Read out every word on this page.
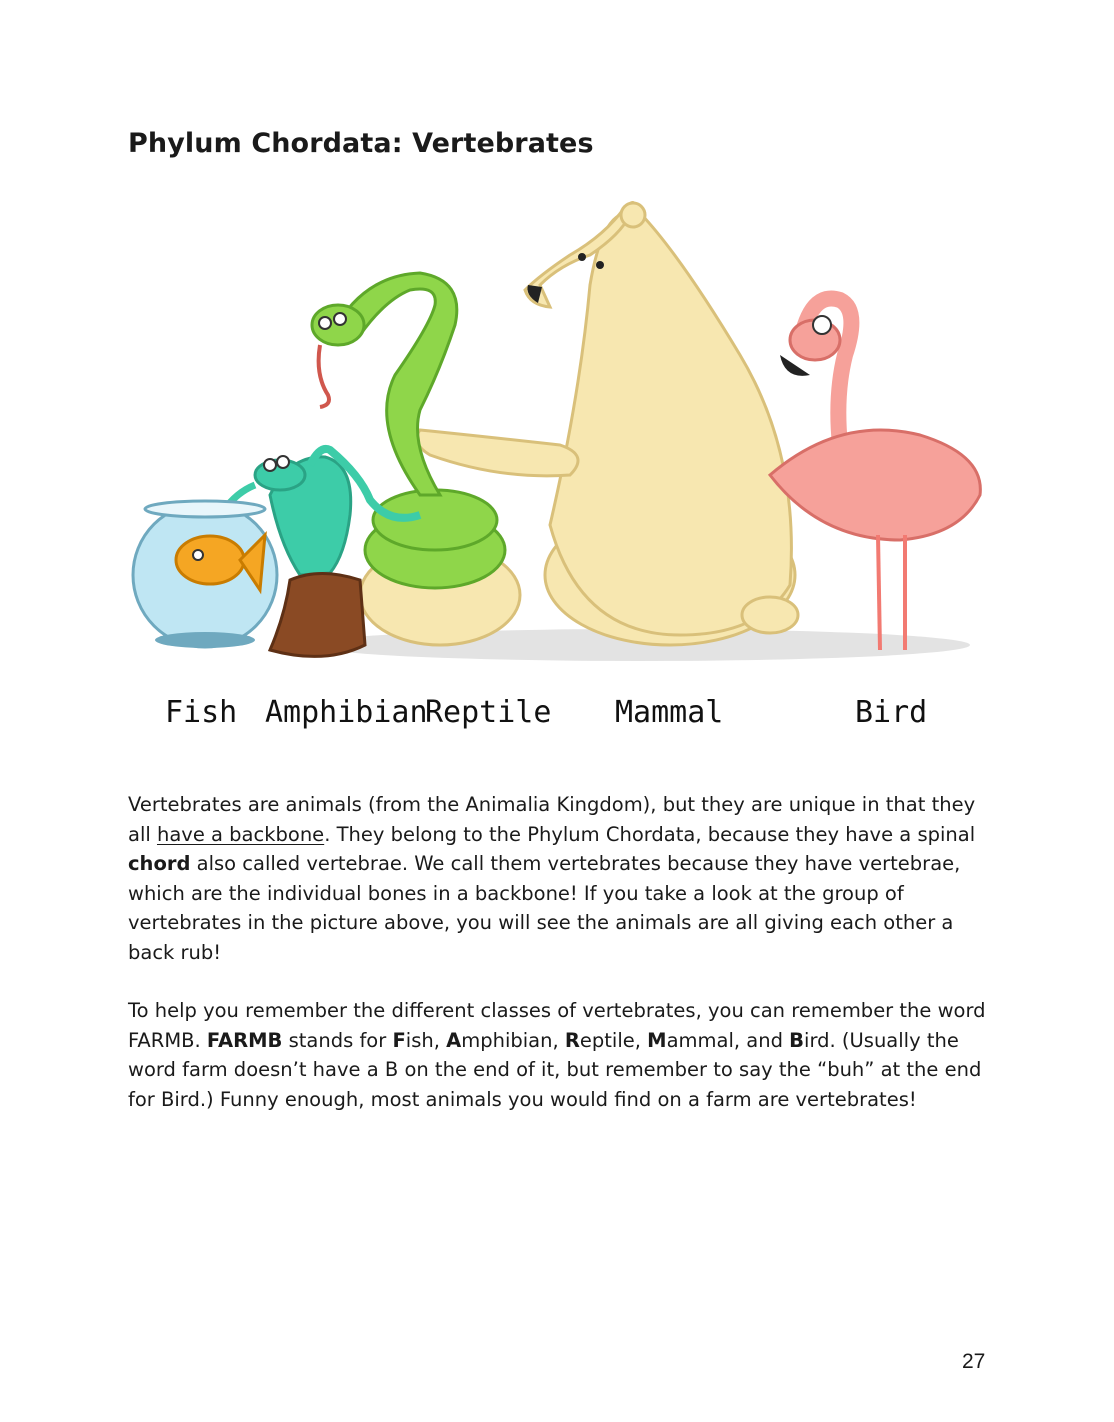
Phylum Chordata: Vertebrates
Fish Amphibian
Reptile Mammal	Bird

Vertebrates are animals (from the Animalia Kingdom), but they are unique in that they all have a backbone. They belong to the Phylum Chordata, because they have a spinal chord also called vertebrae. We call them vertebrates because they have vertebrae, which are the individual bones in a backbone! If you take a look at the group of vertebrates in the picture above, you will see the animals are all giving each other a back rub!

To help you remember the different classes of vertebrates, you can remember the word FARMB. FARMB stands for Fish, Amphibian, Reptile, Mammal, and Bird. (Usually the word farm doesn’t have a B on the end of it, but remember to say the “buh” at the end for Bird.) Funny enough, most animals you would find on a farm are vertebrates!

27
